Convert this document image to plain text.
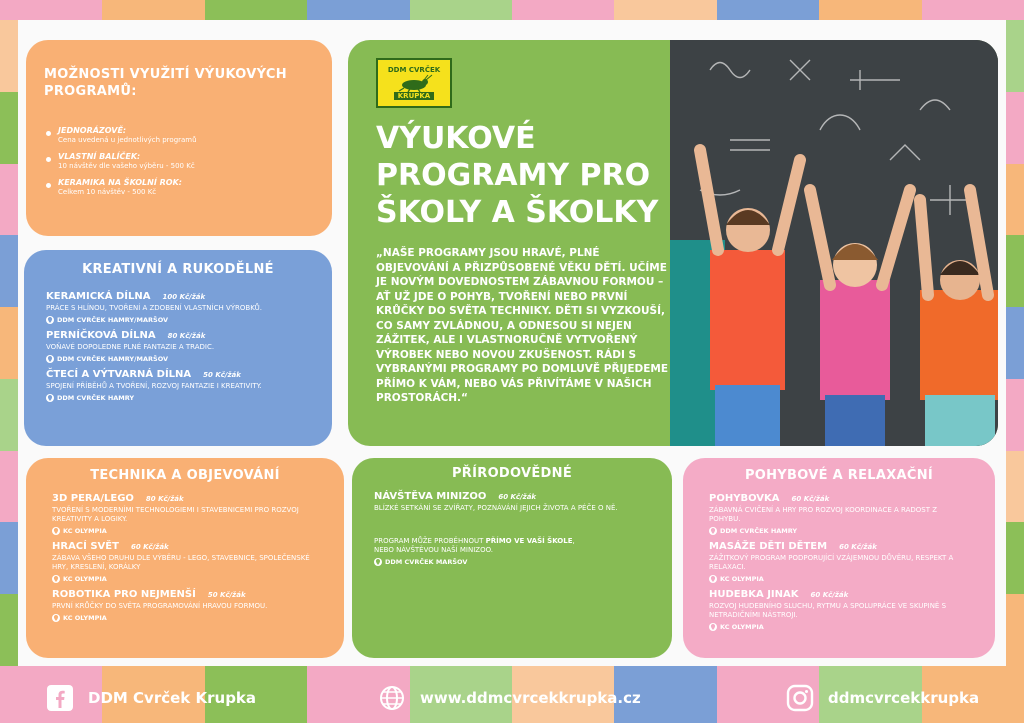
MOŽNOSTI VYUŽITÍ VÝUKOVÝCH PROGRAMŮ:
JEDNORÁZOVĚ:
Cena uvedená u jednotlivých programů
VLASTNÍ BALÍČEK:
10 návštěv dle vašeho výběru - 500 Kč
KERAMIKA NA ŠKOLNÍ ROK:
Celkem 10 návštěv - 500 Kč
KREATIVNÍ A RUKODĚLNÉ
KERAMICKÁ DÍLNA 100 Kč/žák
PRÁCE S HLÍNOU, TVOŘENÍ A ZDOBENÍ VLASTNÍCH VÝROBKŮ.
DDM CVRČEK HAMRY/MARŠOV
PERNÍČKOVÁ DÍLNA 80 Kč/žák
VOŇAVÉ DOPOLEDNE PLNÉ FANTAZIE A TRADIC.
DDM CVRČEK HAMRY/MARŠOV
ČTECÍ A VÝTVARNÁ DÍLNA 50 Kč/žák
SPOJENÍ PŘÍBĚHŮ A TVOŘENÍ, ROZVOJ FANTAZIE I KREATIVITY.
DDM CVRČEK HAMRY
DDM CVRČEK
KRUPKA
VÝUKOVÉ PROGRAMY PRO ŠKOLY A ŠKOLKY
„NAŠE PROGRAMY JSOU HRAVÉ, PLNÉ OBJEVOVÁNÍ A PŘIZPŮSOBENÉ VĚKU DĚTÍ. UČÍME JE NOVÝM DOVEDNOSTEM ZÁBAVNOU FORMOU – AŤ UŽ JDE O POHYB, TVOŘENÍ NEBO PRVNÍ KRŮČKY DO SVĚTA TECHNIKY. DĚTI SI VYZKOUŠÍ, CO SAMY ZVLÁDNOU, A ODNESOU SI NEJEN ZÁŽITEK, ALE I VLASTNORUČNĚ VYTVOŘENÝ VÝROBEK NEBO NOVOU ZKUŠENOST. RÁDI S VYBRANÝMI PROGRAMY PO DOMLUVĚ PŘIJEDEME PŘÍMO K VÁM, NEBO VÁS PŘIVÍTÁME V NAŠICH PROSTORÁCH.“
TECHNIKA A OBJEVOVÁNÍ
3D PERA/LEGO 80 Kč/žák
TVOŘENÍ S MODERNÍMI TECHNOLOGIEMI I STAVEBNICEMI PRO ROZVOJ KREATIVITY A LOGIKY.
KC OLYMPIA
HRACÍ SVĚT 60 Kč/žák
ZÁBAVA VŠEHO DRUHU DLE VÝBĚRU - LEGO, STAVEBNICE, SPOLEČENSKÉ HRY, KRESLENÍ, KORÁLKY
KC OLYMPIA
ROBOTIKA PRO NEJMENŠÍ 50 Kč/žák
PRVNÍ KRŮČKY DO SVĚTA PROGRAMOVÁNÍ HRAVOU FORMOU.
KC OLYMPIA
PŘÍRODOVĚDNÉ
NÁVŠTĚVA MINIZOO 60 Kč/žák
BLÍZKÉ SETKÁNÍ SE ZVÍŘATY, POZNÁVÁNÍ JEJICH ŽIVOTA A PÉČE O NĚ.
PROGRAM MŮŽE PROBĚHNOUT PŘÍMO VE VAŠÍ ŠKOLE,
NEBO NÁVŠTĚVOU NAŠÍ MINIZOO.
DDM CVRČEK MARŠOV
POHYBOVÉ A RELAXAČNÍ
POHYBOVKA 60 Kč/žák
ZÁBAVNÁ CVIČENÍ A HRY PRO ROZVOJ KOORDINACE A RADOST Z POHYBU.
DDM CVRČEK HAMRY
MASÁŽE DĚTI DĚTEM 60 Kč/žák
ZÁŽITKOVÝ PROGRAM PODPORUJÍCÍ VZÁJEMNOU DŮVĚRU, RESPEKT A RELAXACI.
KC OLYMPIA
HUDEBKA JINAK 60 Kč/žák
ROZVOJ HUDEBNÍHO SLUCHU, RYTMU A SPOLUPRÁCE VE SKUPINĚ S NETRADIČNÍMI NÁSTROJI.
KC OLYMPIA
DDM Cvrček Krupka	www.ddmcvrcekkrupka.cz	ddmcvrcekkrupka
